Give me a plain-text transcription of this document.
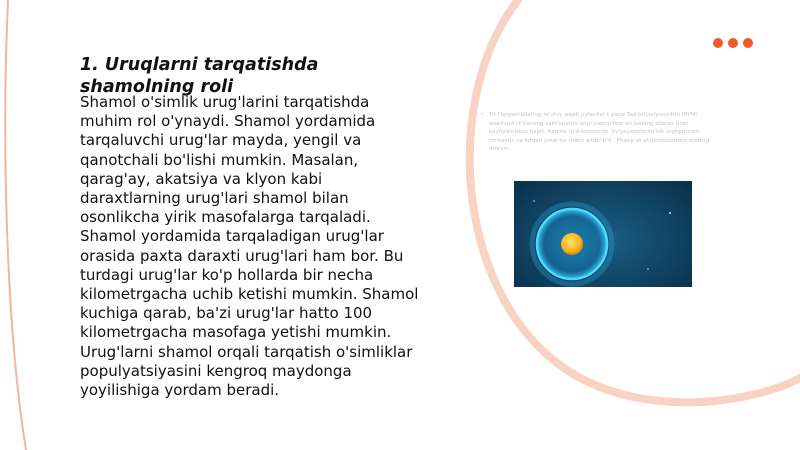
1. Uruqlarni tarqatishda shamolning roli

Shamol o'simlik urug'larini tarqatishda muhim rol o'ynaydi. Shamol yordamida tarqaluvchi urug'lar mayda, yengil va qanotchali bo'lishi mumkin. Masalan, qarag'ay, akatsiya va klyon kabi daraxtlarning urug'lari shamol bilan osonlikcha yirik masofalarga tarqaladi. Shamol yordamida tarqaladigan urug'lar orasida paxta daraxti urug'lari ham bor. Bu turdagi urug'lar ko'p hollarda bir necha kilometrgacha uchib ketishi mumkin. Shamol kuchiga qarab, ba'zi urug'lar hatto 100 kilometrgacha masofaga yetishi mumkin. Urug'larni shamol orqali tarqatish o'simliklar populyatsiyasini kengroq maydonga yoyilishiga yordam beradi.

• Tit l'lorpambllarlng m'vtvy waab pylasdal s yazw Tad bri'pviyesmtitu IRYMI waelivpd l't'ilarning vsm'larvirla onpl rsemplfest vn lasking stbnas tinpi kayoyamistov hxptl. itanme m'd ksmnmds. by'pvyesmtcim'nik ergkpmsum. tm'kastjs va lofqan ymal lor tidbts wtdsl b'd . Phaep at alypmasvonsbo ombrtg mervm.
